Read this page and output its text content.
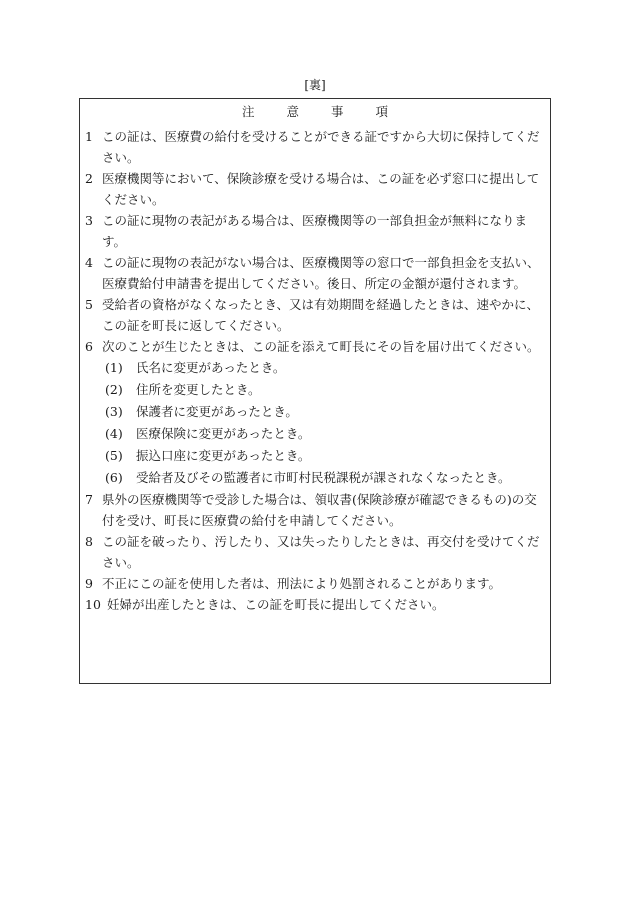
[裏]
注	意	事	項
1 この証は、医療費の給付を受けることができる証ですから大切に保持してください。
2 医療機関等において、保険診療を受ける場合は、この証を必ず窓口に提出してください。
3 この証に現物の表記がある場合は、医療機関等の一部負担金が無料になります。
4 この証に現物の表記がない場合は、医療機関等の窓口で一部負担金を支払い、医療費給付申請書を提出してください。後日、所定の金額が還付されます。
5 受給者の資格がなくなったとき、又は有効期間を経過したときは、速やかに、この証を町長に返してください。
6 次のことが生じたときは、この証を添えて町長にその旨を届け出てください。
(1) 氏名に変更があったとき。
(2) 住所を変更したとき。
(3) 保護者に変更があったとき。
(4) 医療保険に変更があったとき。
(5) 振込口座に変更があったとき。
(6) 受給者及びその監護者に市町村民税課税が課されなくなったとき。
7 県外の医療機関等で受診した場合は、領収書(保険診療が確認できるもの)の交付を受け、町長に医療費の給付を申請してください。
8 この証を破ったり、汚したり、又は失ったりしたときは、再交付を受けてください。
9 不正にこの証を使用した者は、刑法により処罰されることがあります。
10 妊婦が出産したときは、この証を町長に提出してください。
